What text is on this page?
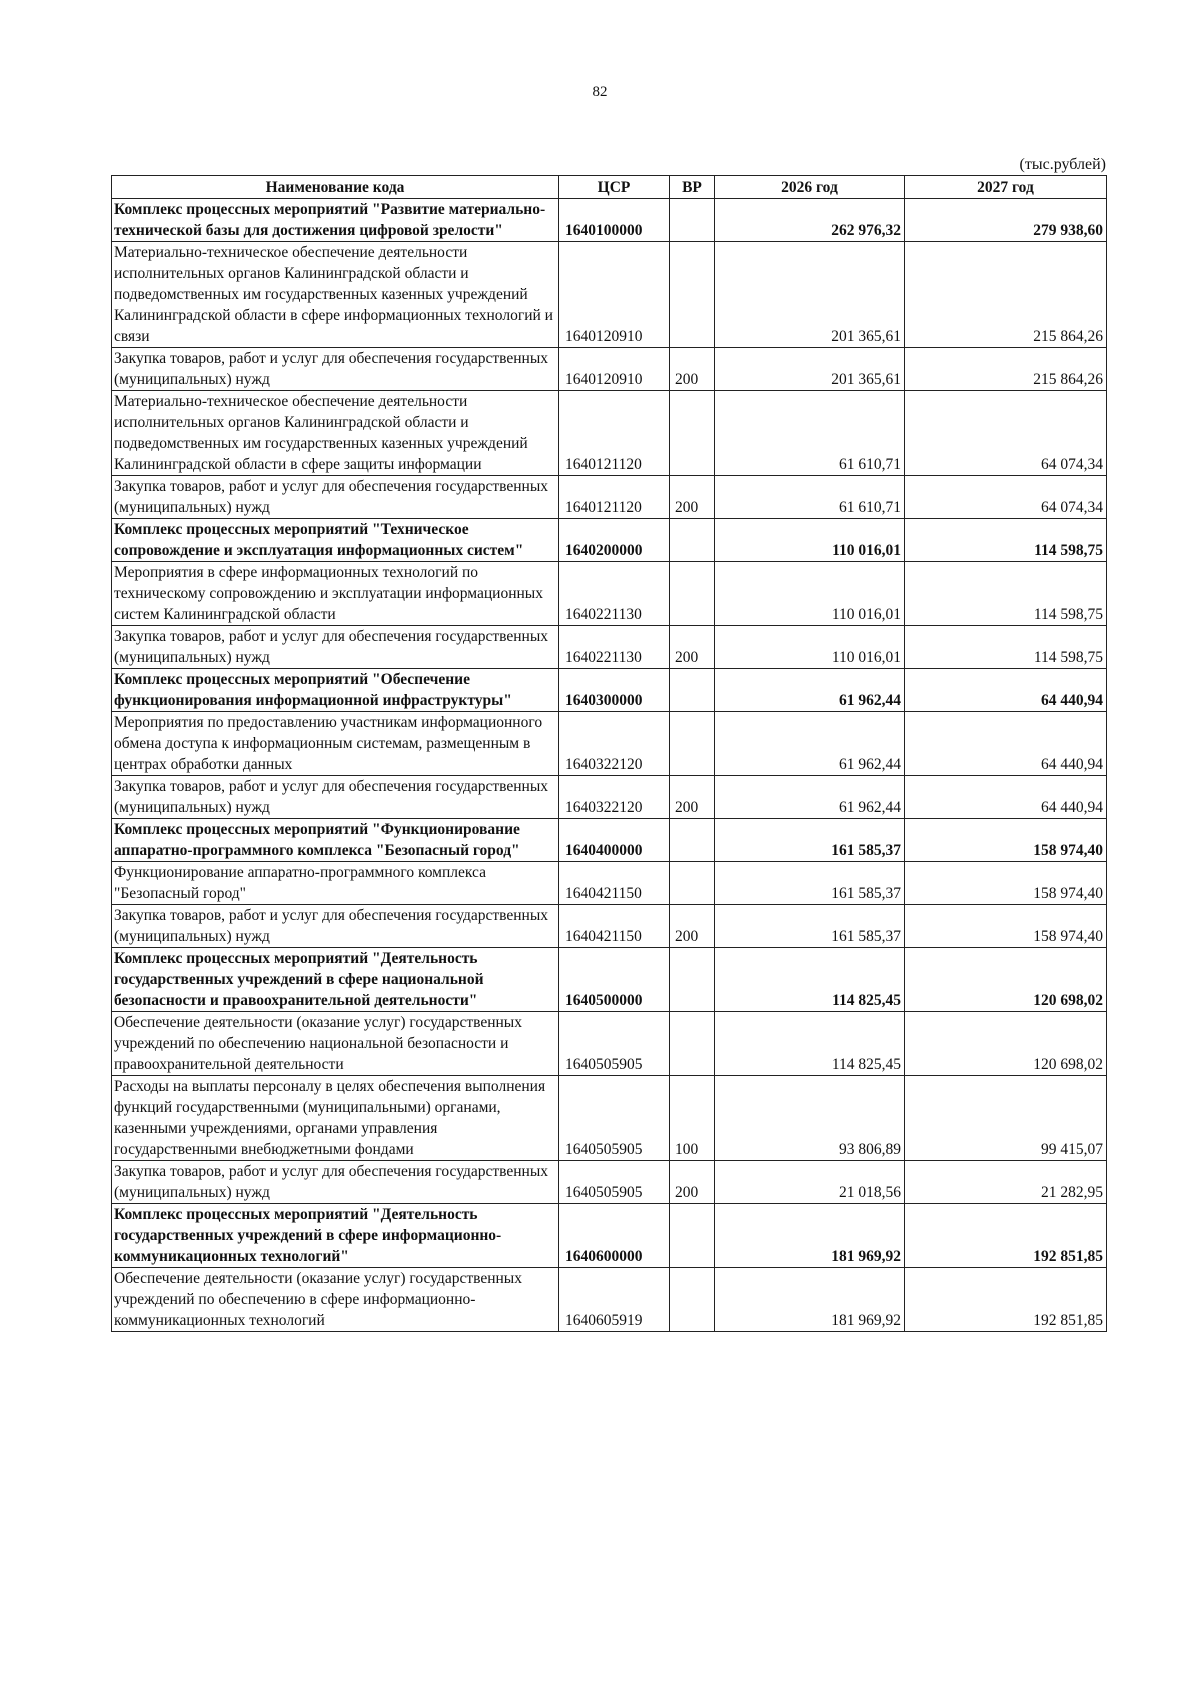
82
(тыс.рублей)
Наименование кода	ЦСР	ВР	2026 год	2027 год
Комплекс процессных мероприятий "Развитие материально-технической базы для достижения цифровой зрелости"	1640100000		262 976,32	279 938,60
Материально-техническое обеспечение деятельности исполнительных органов Калининградской области и подведомственных им государственных казенных учреждений Калининградской области в сфере информационных технологий и связи	1640120910		201 365,61	215 864,26
Закупка товаров, работ и услуг для обеспечения государственных (муниципальных) нужд	1640120910	200	201 365,61	215 864,26
Материально-техническое обеспечение деятельности исполнительных органов Калининградской области и подведомственных им государственных казенных учреждений Калининградской области в сфере защиты информации	1640121120		61 610,71	64 074,34
Закупка товаров, работ и услуг для обеспечения государственных (муниципальных) нужд	1640121120	200	61 610,71	64 074,34
Комплекс процессных мероприятий "Техническое сопровождение и эксплуатация информационных систем"	1640200000		110 016,01	114 598,75
Мероприятия в сфере информационных технологий по техническому сопровождению и эксплуатации информационных систем Калининградской области	1640221130		110 016,01	114 598,75
Закупка товаров, работ и услуг для обеспечения государственных (муниципальных) нужд	1640221130	200	110 016,01	114 598,75
Комплекс процессных мероприятий "Обеспечение функционирования информационной инфраструктуры"	1640300000		61 962,44	64 440,94
Мероприятия по предоставлению участникам информационного обмена доступа к информационным системам, размещенным в центрах обработки данных	1640322120		61 962,44	64 440,94
Закупка товаров, работ и услуг для обеспечения государственных (муниципальных) нужд	1640322120	200	61 962,44	64 440,94
Комплекс процессных мероприятий "Функционирование аппаратно-программного комплекса "Безопасный город"	1640400000		161 585,37	158 974,40
Функционирование аппаратно-программного комплекса "Безопасный город"	1640421150		161 585,37	158 974,40
Закупка товаров, работ и услуг для обеспечения государственных (муниципальных) нужд	1640421150	200	161 585,37	158 974,40
Комплекс процессных мероприятий "Деятельность государственных учреждений в сфере национальной безопасности и правоохранительной деятельности"	1640500000		114 825,45	120 698,02
Обеспечение деятельности (оказание услуг) государственных учреждений по обеспечению национальной безопасности и правоохранительной деятельности	1640505905		114 825,45	120 698,02
Расходы на выплаты персоналу в целях обеспечения выполнения функций государственными (муниципальными) органами, казенными учреждениями, органами управления государственными внебюджетными фондами	1640505905	100	93 806,89	99 415,07
Закупка товаров, работ и услуг для обеспечения государственных (муниципальных) нужд	1640505905	200	21 018,56	21 282,95
Комплекс процессных мероприятий "Деятельность государственных учреждений в сфере информационно-коммуникационных технологий"	1640600000		181 969,92	192 851,85
Обеспечение деятельности (оказание услуг) государственных учреждений по обеспечению в сфере информационно-коммуникационных технологий	1640605919		181 969,92	192 851,85
